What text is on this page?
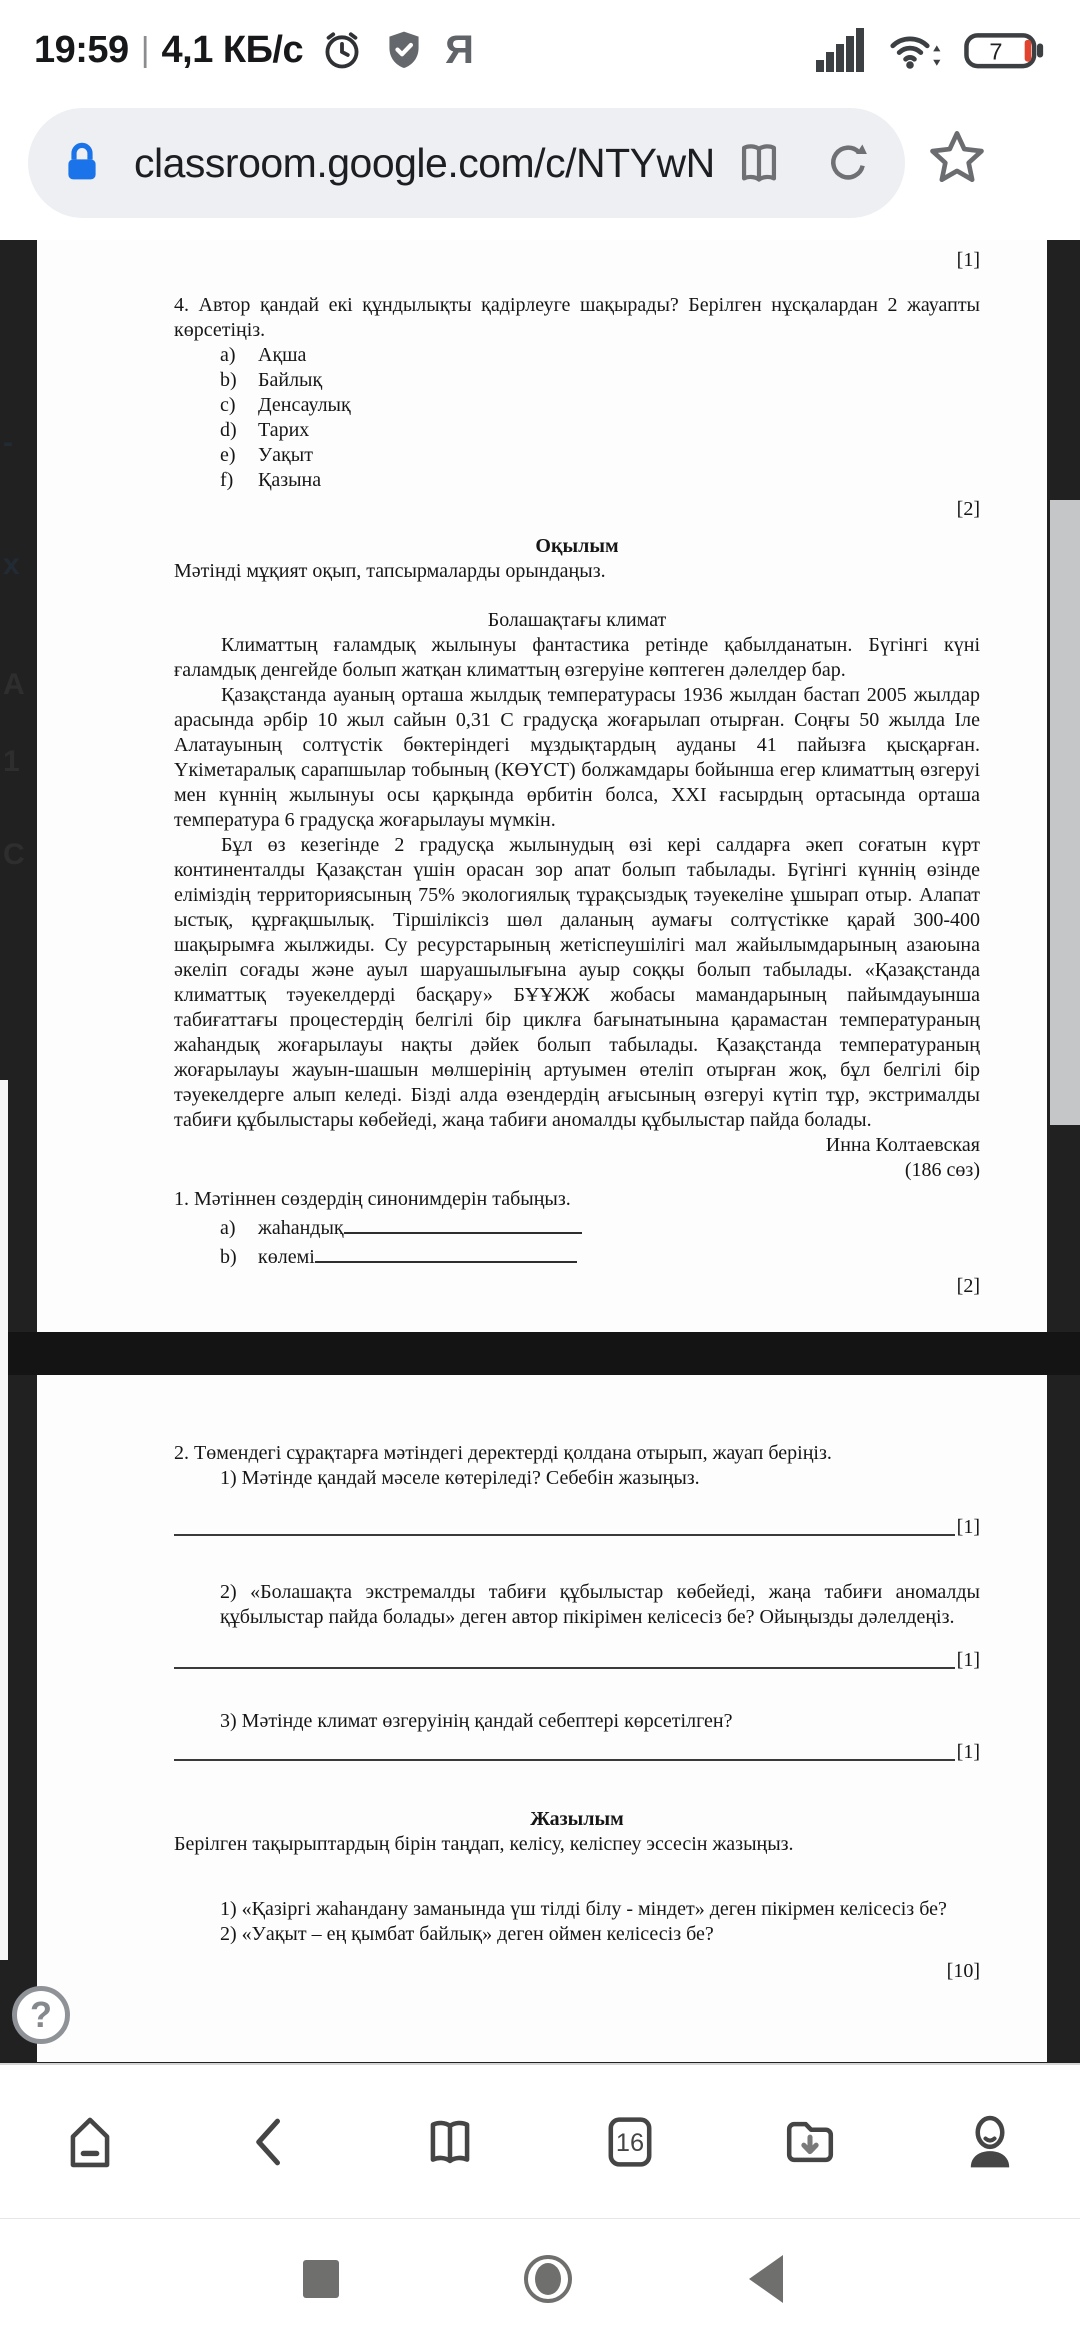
19:59 | 4,1 КБ/с	Я	7
classroom.google.com/c/NTYwN
-
x
A
1
C
[1]

4. Автор қандай екі құндылықты қадірлеуге шақырады? Берілген нұсқалардан 2 жауапты көрсетіңіз.

a)	Ақша
b)	Байлық
c)	Денсаулық
d)	Тарих
e)	Уақыт
f)	Қазына
[2]
Оқылым
Мәтінді мұқият оқып, тапсырмаларды орындаңыз.
Болашақтағы климат

Климаттың ғаламдық жылынуы фантастика ретінде қабылданатын. Бүгінгі күні ғаламдық денгейде болып жатқан климаттың өзгеруіне көптеген дәлелдер бар.

Қазақстанда ауаның орташа жылдық температурасы 1936 жылдан бастап 2005 жылдар арасында әрбір 10 жыл сайын 0,31 С градусқа жоғарылап отырған. Соңғы 50 жылда Іле Алатауының солтүстік бөктеріндегі мұздықтардың ауданы 41 пайызға қысқарған. Үкіметаралық сарапшылар тобының (КӨҮСТ) болжамдары бойынша егер климаттың өзгеруі мен күннің жылынуы осы қарқында өрбитін болса, XXI ғасырдың ортасында орташа температура 6 градусқа жоғарылауы мүмкін.

Бұл өз кезегінде 2 градусқа жылынудың өзі кері салдарға әкеп соғатын күрт континенталды Қазақстан үшін орасан зор апат болып табылады. Бүгінгі күннің өзінде еліміздің территориясының 75% экологиялық тұрақсыздық тәуекеліне ұшырап отыр. Алапат ыстық, құрғақшылық. Тіршіліксіз шөл даланың аумағы солтүстікке қарай 300-400 шақырымға жылжиды. Су ресурстарының жетіспеушілігі мал жайылымдарының азаюына әкеліп соғады және ауыл шаруашылығына ауыр соққы болып табылады. «Қазақстанда климаттық тәуекелдерді басқару» БҰҰЖЖ жобасы мамандарының пайымдауынша табиғаттағы процестердің белгілі бір циклға бағынатынына қарамастан температураның жаһандық жоғарылауы нақты дәйек болып табылады. Қазақстанда температураның жоғарылауы жауын-шашын мөлшерінің артуымен өтеліп отырған жоқ, бұл белгілі бір тәуекелдерге алып келеді. Бізді алда өзендердің ағысының өзгеруі күтіп тұр, экстрималды табиғи құбылыстары көбейеді, жаңа табиғи аномалды құбылыстар пайда болады.

Инна Колтаевская
(186 сөз)
1. Мәтіннен сөздердің синонимдерін табыңыз.
a) жаһандық
b) көлемі
[2]
2. Төмендегі сұрақтарға мәтіндегі деректерді қолдана отырып, жауап беріңіз.
1) Мәтінде қандай мәселе көтеріледі? Себебін жазыңыз.
[1]
2) «Болашақта экстремалды табиғи құбылыстар көбейеді, жаңа табиғи аномалды құбылыстар пайда болады» деген автор пікірімен келісесіз бе? Ойыңызды дәлелдеңіз.
[1]
3) Мәтінде климат өзгеруінің қандай себептері көрсетілген?
[1]
Жазылым
Берілген тақырыптардың бірін таңдап, келісу, келіспеу эссесін жазыңыз.
1) «Қазіргі жаһандану заманында үш тілді білу - міндет» деген пікірмен келісесіз бе?
2) «Уақыт – ең қымбат байлық» деген оймен келісесіз бе?
[10]
?
16
